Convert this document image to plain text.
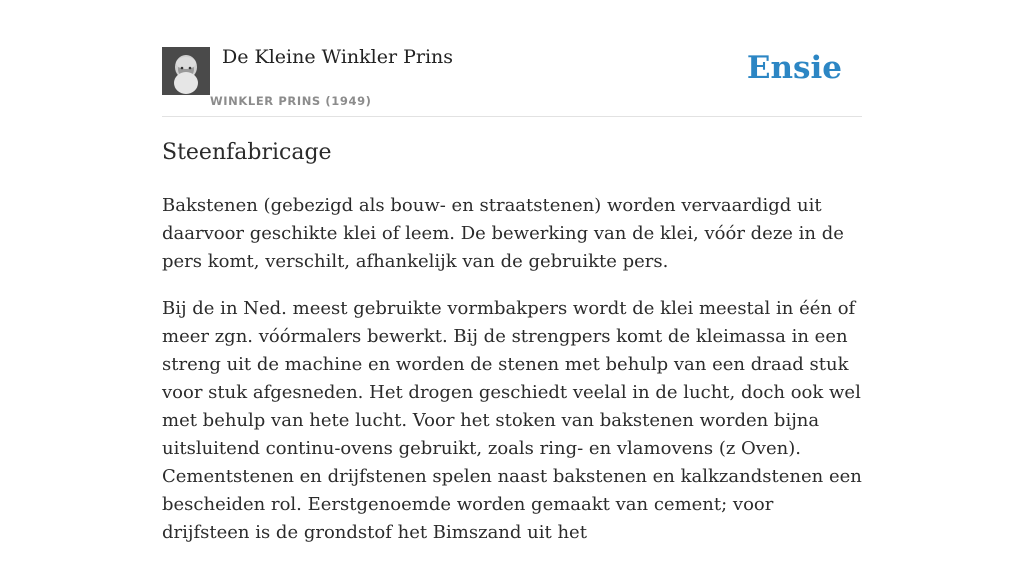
De Kleine Winkler Prins
WINKLER PRINS (1949)
Ensie
Steenfabricage

Bakstenen (gebezigd als bouw- en straatstenen) worden vervaardigd uit daarvoor geschikte klei of leem. De bewerking van de klei, vóór deze in de pers komt, verschilt, afhankelijk van de gebruikte pers.

Bij de in Ned. meest gebruikte vormbakpers wordt de klei meestal in één of meer zgn. vóórmalers bewerkt. Bij de strengpers komt de kleimassa in een streng uit de machine en worden de stenen met behulp van een draad stuk voor stuk afgesneden. Het drogen geschiedt veelal in de lucht, doch ook wel met behulp van hete lucht. Voor het stoken van bakstenen worden bijna uitsluitend continu-ovens gebruikt, zoals ring- en vlamovens (z Oven). Cementstenen en drijfstenen spelen naast bakstenen en kalkzandstenen een bescheiden rol. Eerstgenoemde worden gemaakt van cement; voor drijfsteen is de grondstof het Bimszand uit het
